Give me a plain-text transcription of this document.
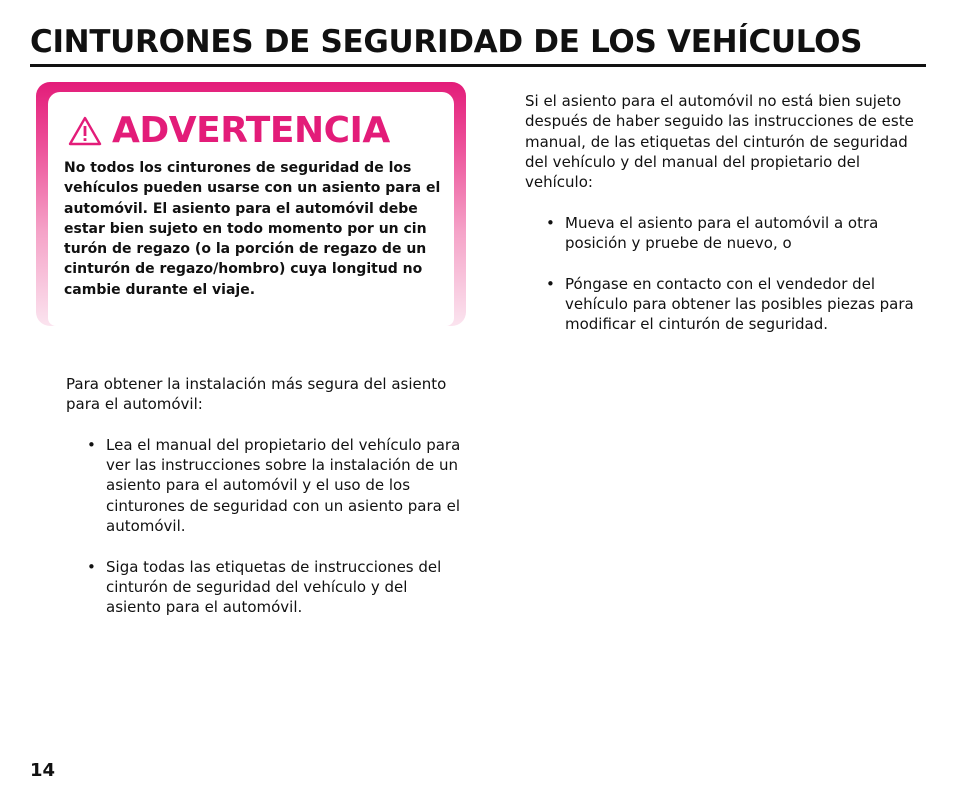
CINTURONES DE SEGURIDAD DE LOS VEHÍCULOS
ADVERTENCIA

No todos los cinturones de seguridad de los vehículos pueden usarse con un asiento para el automóvil. El asiento para el automóvil debe estar bien sujeto en todo momento por un cin turón de regazo (o la porción de regazo de un cinturón de regazo/hombro) cuya longitud no cambie durante el viaje.

Para obtener la instalación más segura del asiento para el automóvil:

• Lea el manual del propietario del vehículo para ver las instrucciones sobre la instalación de un asiento para el automóvil y el uso de los cinturones de seguridad con un asiento para el automóvil.
• Siga todas las etiquetas de instrucciones del cinturón de seguridad del vehículo y del asiento para el automóvil.

Si el asiento para el automóvil no está bien sujeto después de haber seguido las instrucciones de este manual, de las etiquetas del cinturón de seguridad del vehículo y del manual del propietario del vehículo:

• Mueva el asiento para el automóvil a otra posición y pruebe de nuevo, o
• Póngase en contacto con el vendedor del vehículo para obtener las posibles piezas para modificar el cinturón de seguridad.
14
